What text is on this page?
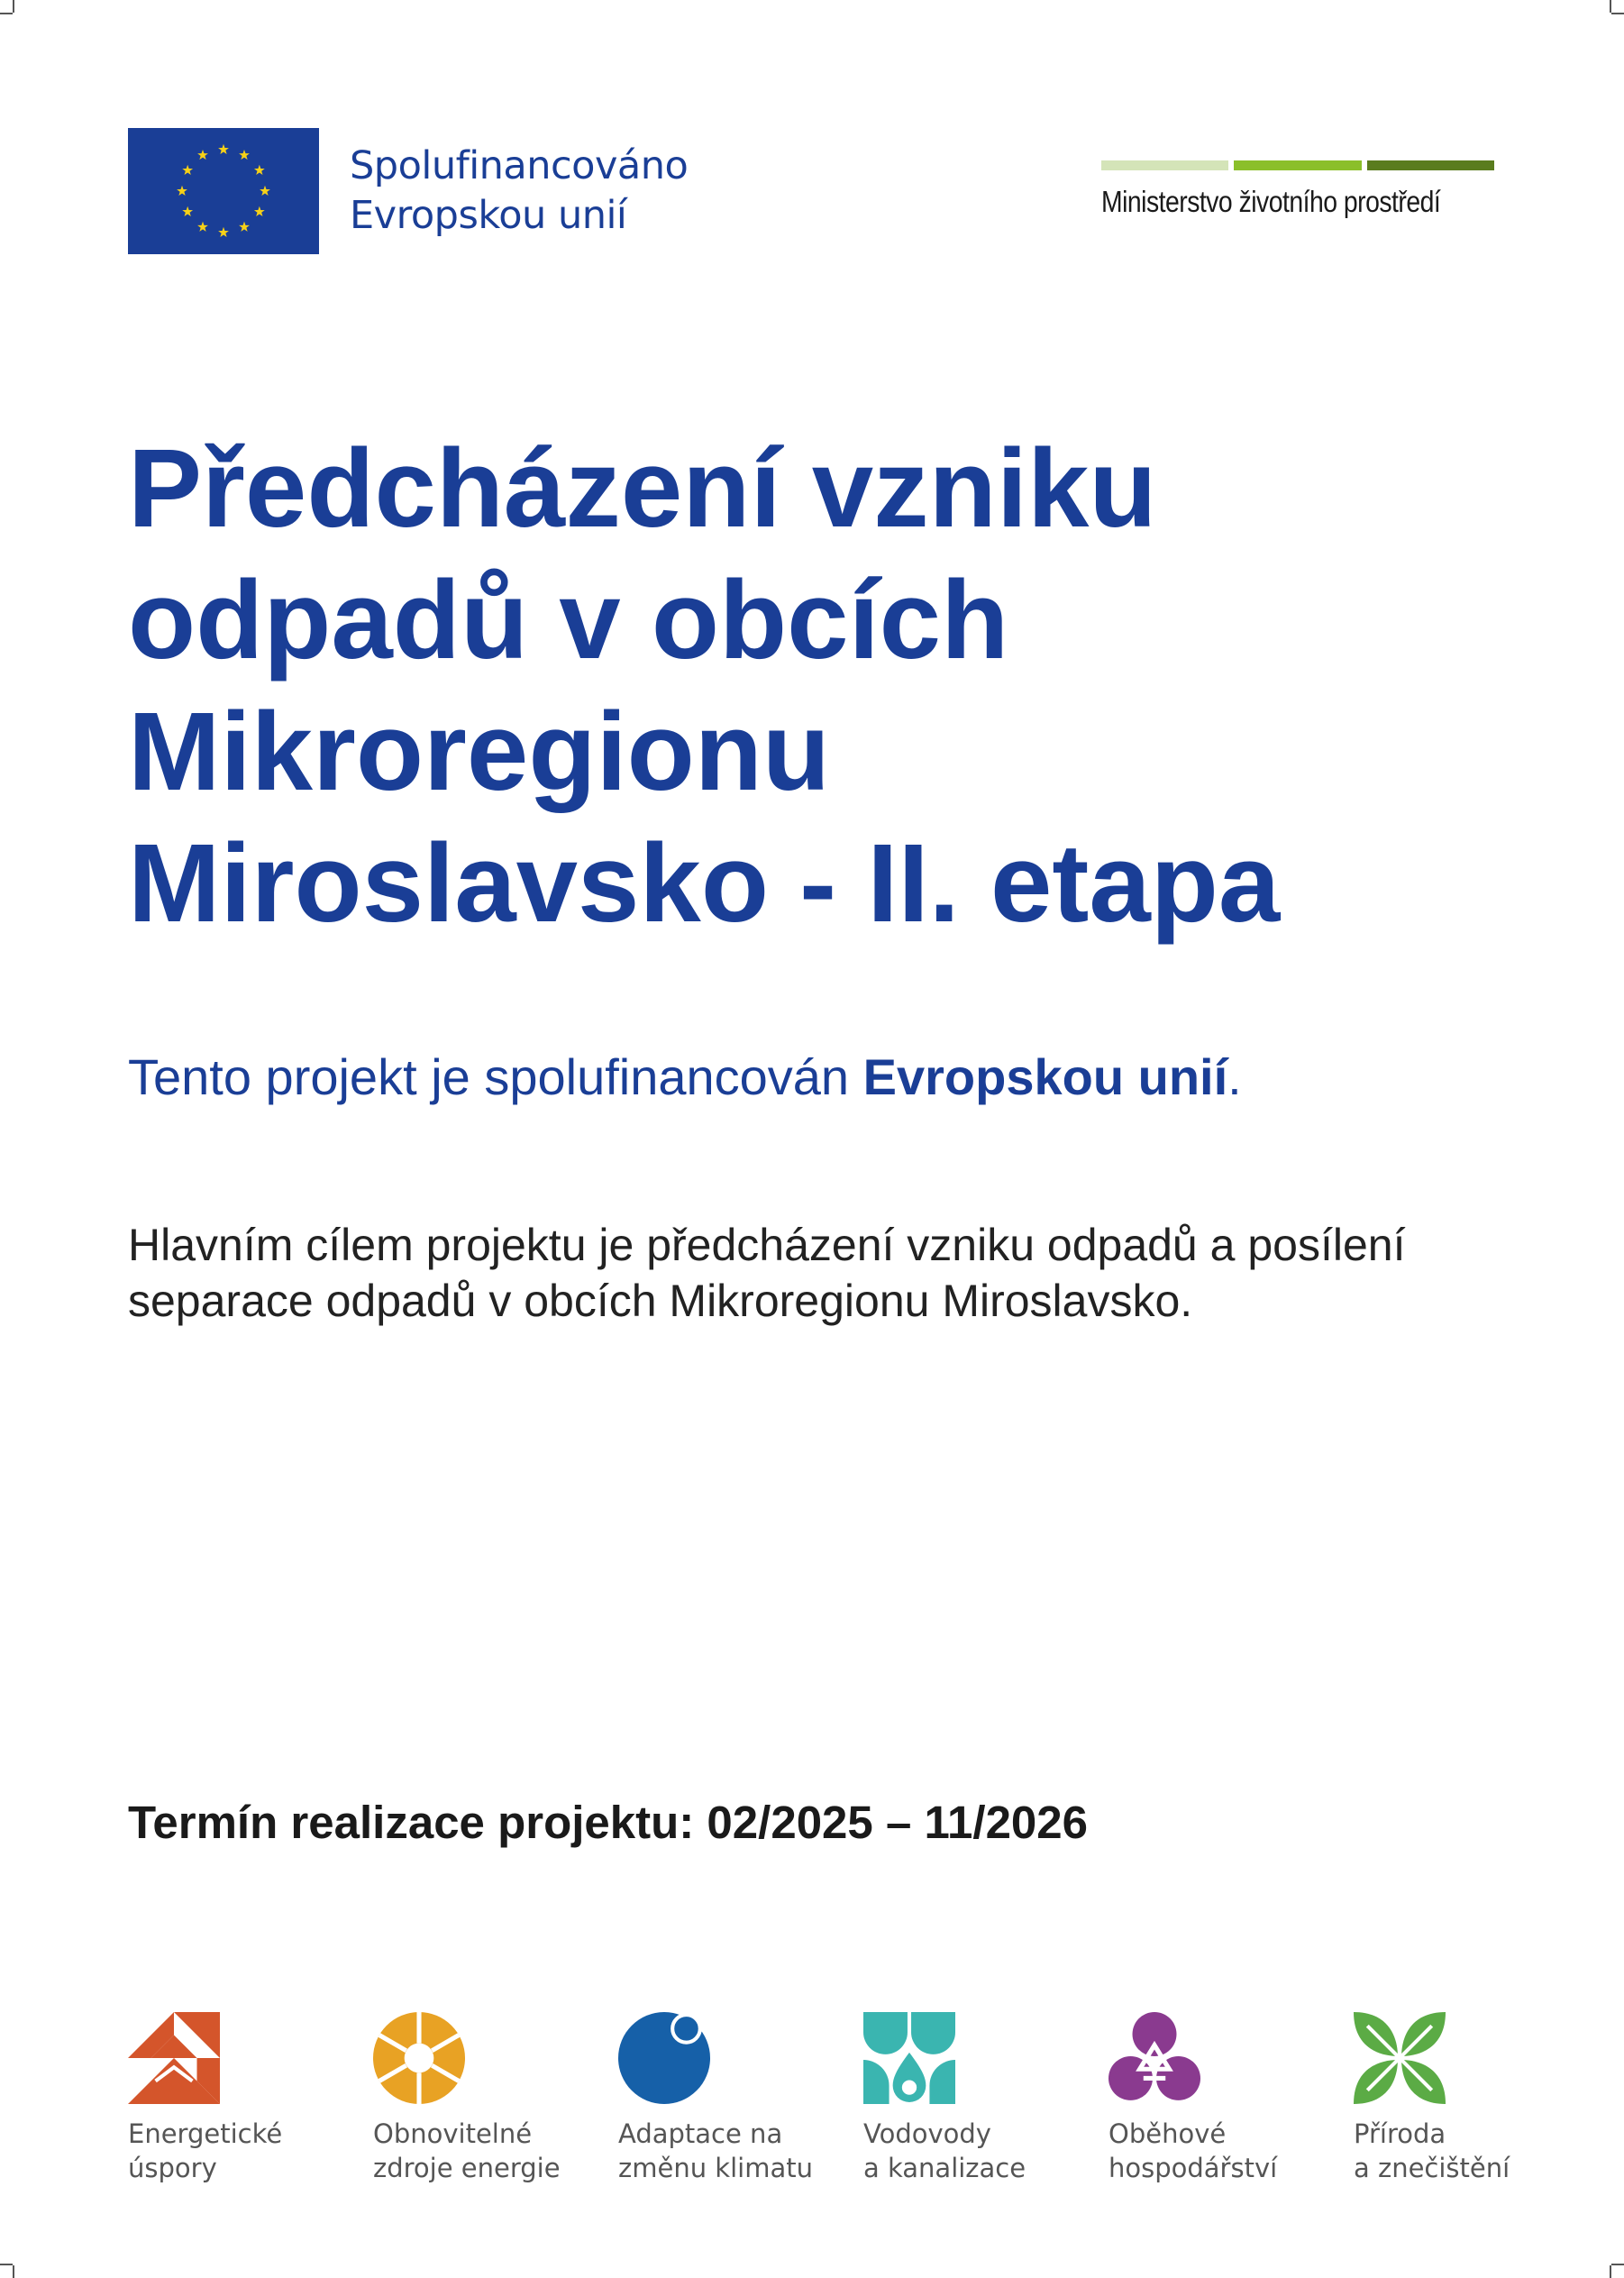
Spolufinancováno
Evropskou unií	Ministerstvo životního prostředí
Předcházení vzniku
odpadů v obcích
Mikroregionu
Miroslavsko - II. etapa

Tento projekt je spolufinancován Evropskou unií.

Hlavním cílem projektu je předcházení vzniku odpadů a posílení
separace odpadů v obcích Mikroregionu Miroslavsko.

Termín realizace projektu: 02/2025 – 11/2026

Energetické
úspory
Obnovitelné
zdroje energie
Adaptace na
změnu klimatu
Vodovody
a kanalizace
Oběhové
hospodářství
Příroda
a znečištění
